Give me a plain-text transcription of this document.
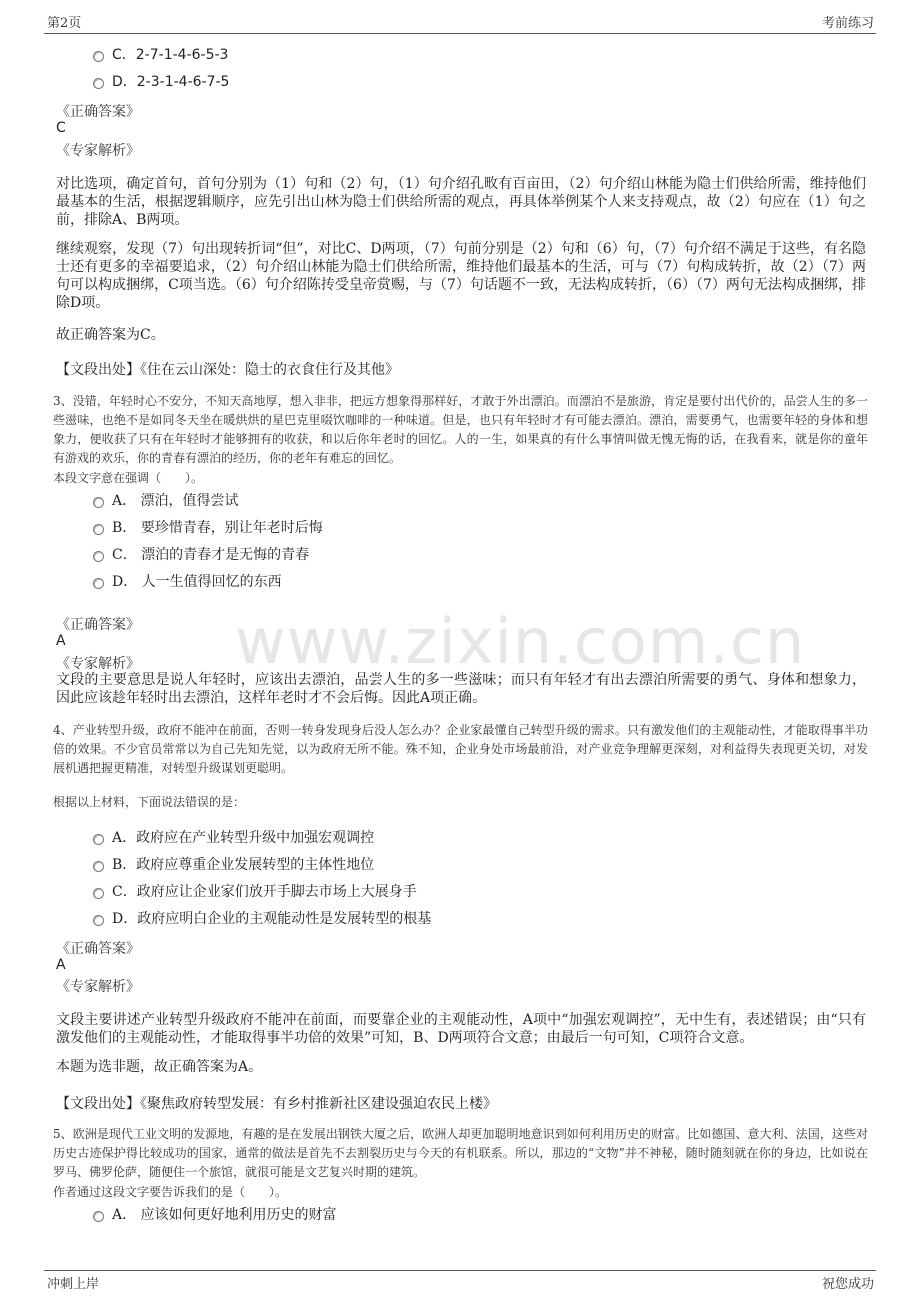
第2页	考前练习
www.zixin.com.cn
C．2-7-1-4-6-5-3
D．2-3-1-4-6-7-5
《正确答案》
C
《专家解析》
对比选项，确定首句，首句分别为（1）句和（2）句，（1）句介绍孔畋有百亩田，（2）句介绍山林能为隐士们供给所需，维持他们最基本的生活，根据逻辑顺序，应先引出山林为隐士们供给所需的观点，再具体举例某个人来支持观点，故（2）句应在（1）句之前，排除A、B两项。
继续观察，发现（7）句出现转折词“但”，对比C、D两项，（7）句前分别是（2）句和（6）句，（7）句介绍不满足于这些，有名隐士还有更多的幸福要追求，（2）句介绍山林能为隐士们供给所需，维持他们最基本的生活，可与（7）句构成转折，故（2）（7）两句可以构成捆绑，C项当选。（6）句介绍陈抟受皇帝赏赐，与（7）句话题不一致，无法构成转折，（6）（7）两句无法构成捆绑，排除D项。
故正确答案为C。
【文段出处】《住在云山深处：隐士的衣食住行及其他》
3、没错，年轻时心不安分，不知天高地厚，想入非非，把远方想象得那样好，才敢于外出漂泊。而漂泊不是旅游，肯定是要付出代价的，品尝人生的多一些滋味，也绝不是如同冬天坐在暖烘烘的星巴克里啜饮咖啡的一种味道。但是，也只有年轻时才有可能去漂泊。漂泊，需要勇气，也需要年轻的身体和想象力，便收获了只有在年轻时才能够拥有的收获，和以后你年老时的回忆。人的一生，如果真的有什么事情叫做无愧无悔的话，在我看来，就是你的童年有游戏的欢乐，你的青春有漂泊的经历，你的老年有难忘的回忆。
本段文字意在强调（　　）。
A． 漂泊，值得尝试
B． 要珍惜青春，别让年老时后悔
C． 漂泊的青春才是无悔的青春
D． 人一生值得回忆的东西
《正确答案》
A
《专家解析》
文段的主要意思是说人年轻时，应该出去漂泊，品尝人生的多一些滋味；而只有年轻才有出去漂泊所需要的勇气、身体和想象力，因此应该趁年轻时出去漂泊，这样年老时才不会后悔。因此A项正确。
4、产业转型升级，政府不能冲在前面，否则一转身发现身后没人怎么办？企业家最懂自己转型升级的需求。只有激发他们的主观能动性，才能取得事半功倍的效果。不少官员常常以为自己先知先觉，以为政府无所不能。殊不知，企业身处市场最前沿，对产业竞争理解更深刻，对利益得失表现更关切，对发展机遇把握更精准，对转型升级谋划更聪明。
根据以上材料，下面说法错误的是：
A．政府应在产业转型升级中加强宏观调控
B．政府应尊重企业发展转型的主体性地位
C．政府应让企业家们放开手脚去市场上大展身手
D．政府应明白企业的主观能动性是发展转型的根基
《正确答案》
A
《专家解析》
文段主要讲述产业转型升级政府不能冲在前面，而要靠企业的主观能动性，A项中“加强宏观调控”，无中生有，表述错误；由“只有激发他们的主观能动性，才能取得事半功倍的效果”可知，B、D两项符合文意；由最后一句可知，C项符合文意。
本题为选非题，故正确答案为A。
【文段出处】《聚焦政府转型发展：有乡村推新社区建设强迫农民上楼》
5、欧洲是现代工业文明的发源地，有趣的是在发展出钢铁大厦之后，欧洲人却更加聪明地意识到如何利用历史的财富。比如德国、意大利、法国，这些对历史古迹保护得比较成功的国家，通常的做法是首先不去割裂历史与今天的有机联系。所以，那边的“文物”并不神秘，随时随刻就在你的身边，比如说在罗马、佛罗伦萨，随便住一个旅馆，就很可能是文艺复兴时期的建筑。
作者通过这段文字要告诉我们的是（　　）。
A． 应该如何更好地利用历史的财富
冲刺上岸	祝您成功
